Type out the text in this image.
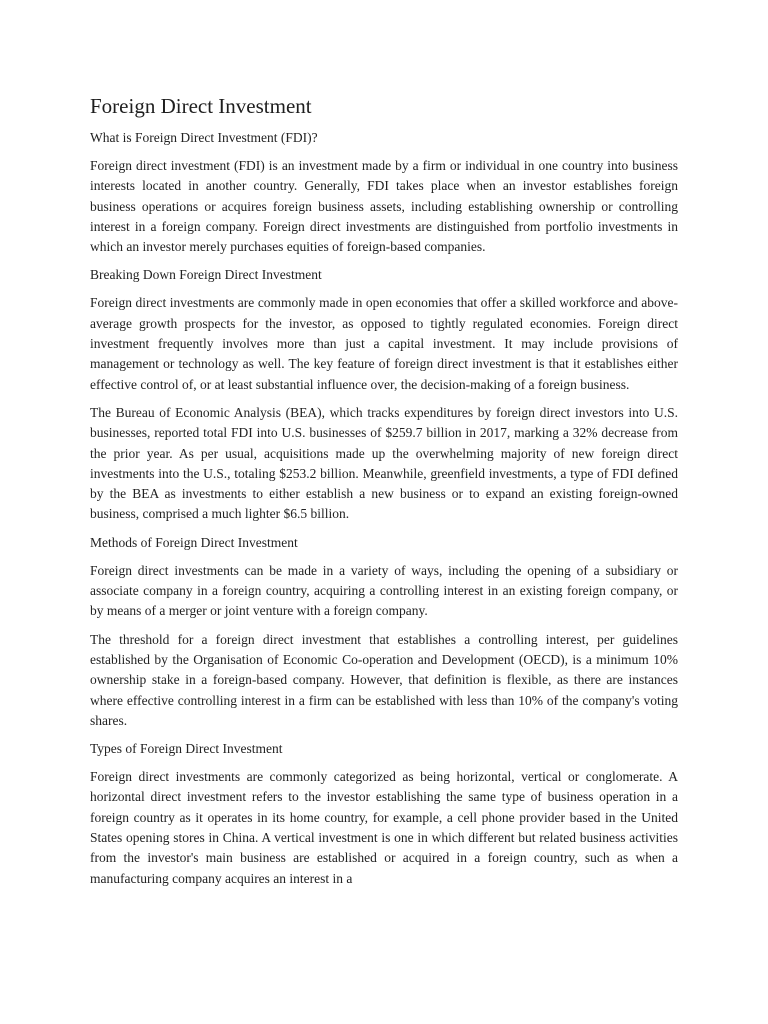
Foreign Direct Investment

What is Foreign Direct Investment (FDI)?

Foreign direct investment (FDI) is an investment made by a firm or individual in one country into business interests located in another country. Generally, FDI takes place when an investor establishes foreign business operations or acquires foreign business assets, including establishing ownership or controlling interest in a foreign company. Foreign direct investments are distinguished from portfolio investments in which an investor merely purchases equities of foreign-based companies.

Breaking Down Foreign Direct Investment

Foreign direct investments are commonly made in open economies that offer a skilled workforce and above-average growth prospects for the investor, as opposed to tightly regulated economies. Foreign direct investment frequently involves more than just a capital investment. It may include provisions of management or technology as well. The key feature of foreign direct investment is that it establishes either effective control of, or at least substantial influence over, the decision-making of a foreign business.

The Bureau of Economic Analysis (BEA), which tracks expenditures by foreign direct investors into U.S. businesses, reported total FDI into U.S. businesses of $259.7 billion in 2017, marking a 32% decrease from the prior year. As per usual, acquisitions made up the overwhelming majority of new foreign direct investments into the U.S., totaling $253.2 billion. Meanwhile, greenfield investments, a type of FDI defined by the BEA as investments to either establish a new business or to expand an existing foreign-owned business, comprised a much lighter $6.5 billion.

Methods of Foreign Direct Investment

Foreign direct investments can be made in a variety of ways, including the opening of a subsidiary or associate company in a foreign country, acquiring a controlling interest in an existing foreign company, or by means of a merger or joint venture with a foreign company.

The threshold for a foreign direct investment that establishes a controlling interest, per guidelines established by the Organisation of Economic Co-operation and Development (OECD), is a minimum 10% ownership stake in a foreign-based company. However, that definition is flexible, as there are instances where effective controlling interest in a firm can be established with less than 10% of the company's voting shares.

Types of Foreign Direct Investment

Foreign direct investments are commonly categorized as being horizontal, vertical or conglomerate. A horizontal direct investment refers to the investor establishing the same type of business operation in a foreign country as it operates in its home country, for example, a cell phone provider based in the United States opening stores in China. A vertical investment is one in which different but related business activities from the investor's main business are established or acquired in a foreign country, such as when a manufacturing company acquires an interest in a
